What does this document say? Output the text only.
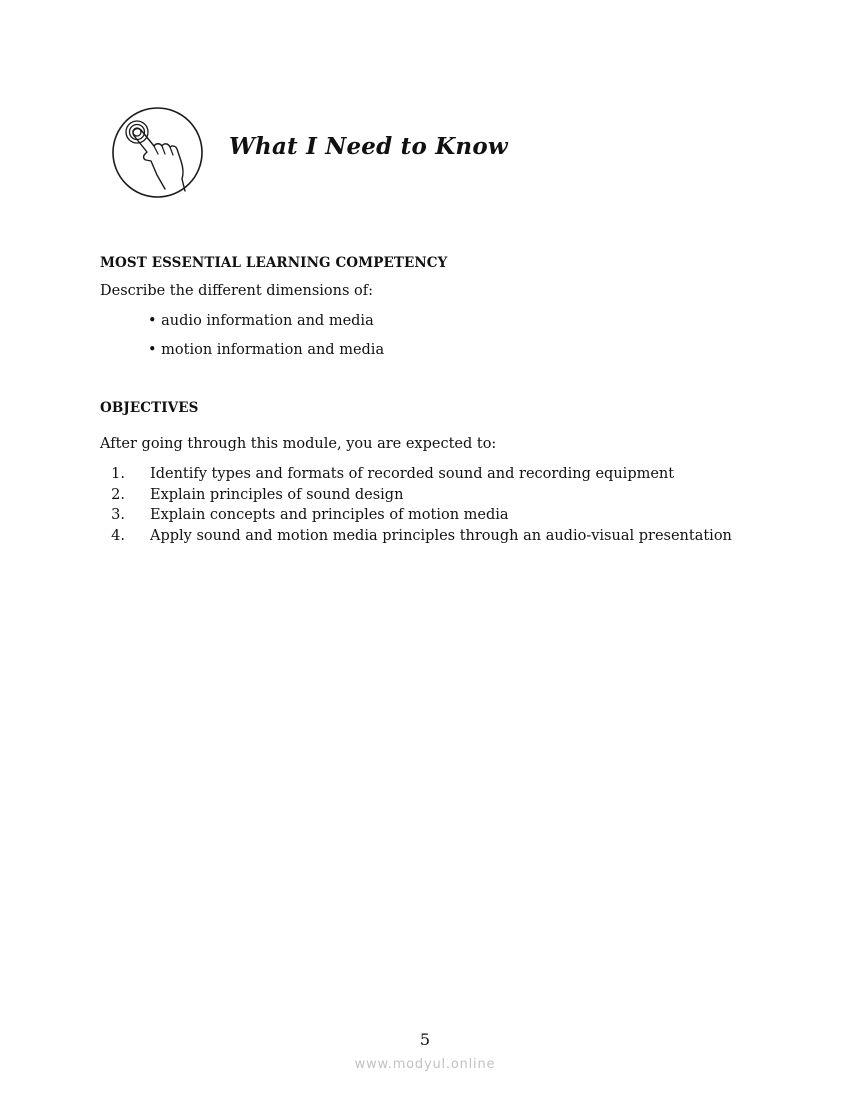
What I Need to Know
MOST ESSENTIAL LEARNING COMPETENCY
Describe the different dimensions of:
• audio information and media
• motion information and media
OBJECTIVES
After going through this module, you are expected to:
1. Identify types and formats of recorded sound and recording equipment
2. Explain principles of sound design
3. Explain concepts and principles of motion media
4. Apply sound and motion media principles through an audio-visual presentation
5
www.modyul.online
